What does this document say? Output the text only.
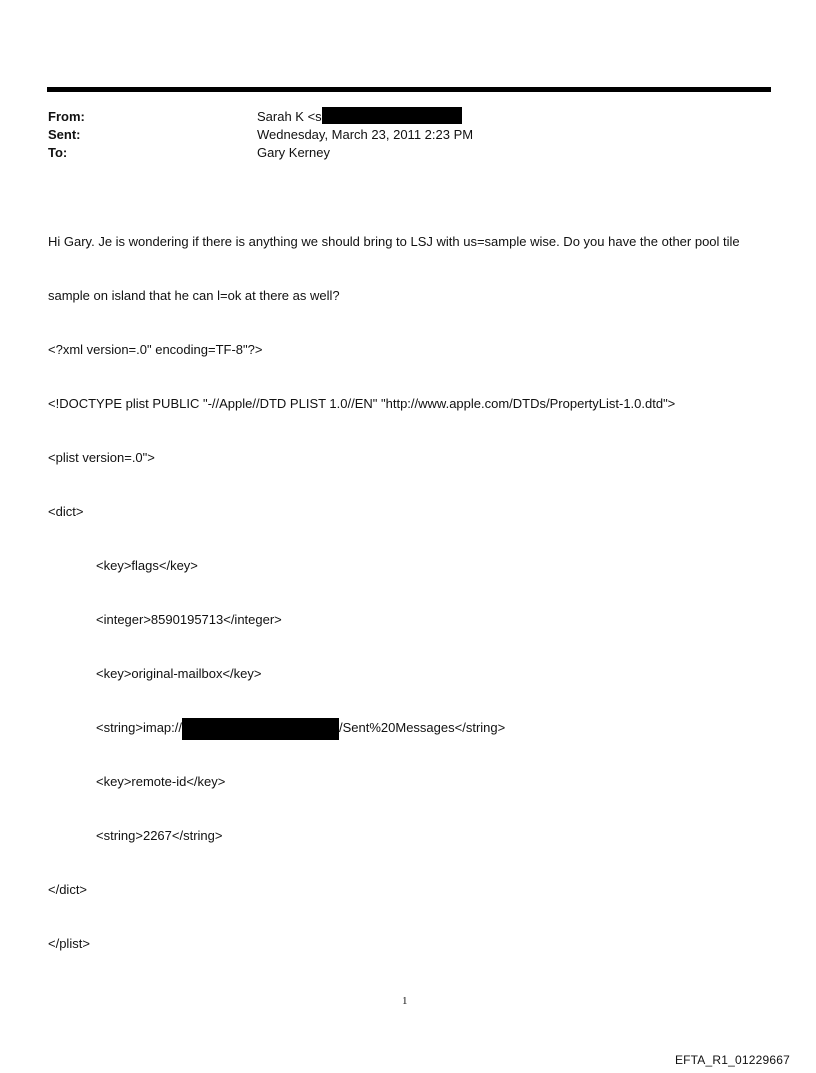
From:	Sarah K <s
Sent:	Wednesday, March 23, 2011 2:23 PM
To:	Gary Kerney

Hi Gary. Je is wondering if there is anything we should bring to LSJ with us=sample wise. Do you have the other pool tile

sample on island that he can l=ok at there as well?

<?xml version=.0" encoding=TF-8"?>

<!DOCTYPE plist PUBLIC "-//Apple//DTD PLIST 1.0//EN" "http://www.apple.com/DTDs/PropertyList-1.0.dtd">

<plist version=.0">

<dict>

<key>flags</key>

<integer>8590195713</integer>

<key>original-mailbox</key>

<string>imap://	/Sent%20Messages</string>

<key>remote-id</key>

<string>2267</string>

</dict>

</plist>

1
EFTA_R1_01229667
